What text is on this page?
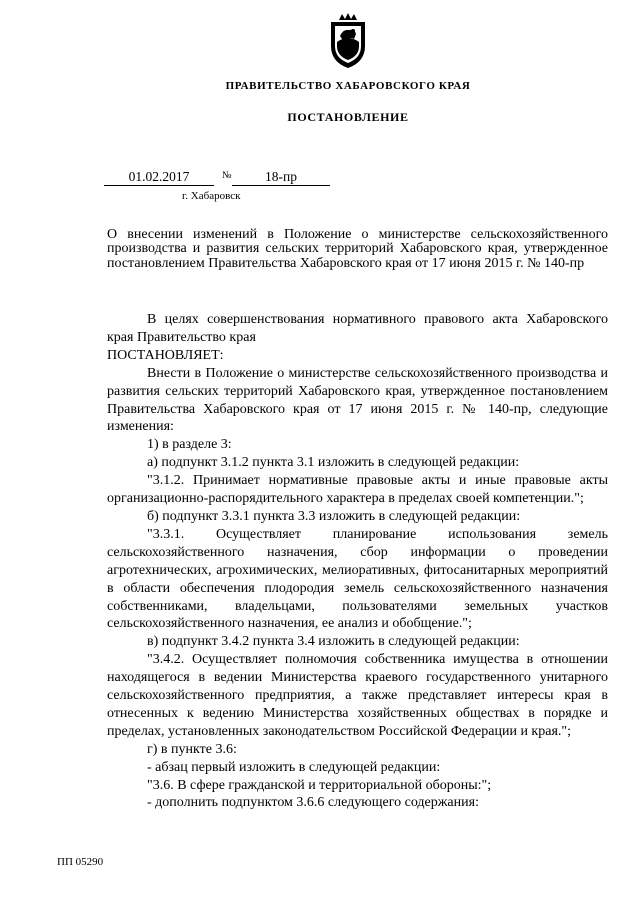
ПРАВИТЕЛЬСТВО ХАБАРОВСКОГО КРАЯ
ПОСТАНОВЛЕНИЕ
01.02.2017	№	18-пр
г. Хабаровск
О внесении изменений в Положение о министерстве сельскохозяйственного производства и развития сельских территорий Хабаровского края, утвержденное постановлением Правительства Хабаровского края от 17 июня 2015 г. № 140-пр

В целях совершенствования нормативного правового акта Хабаровского края Правительство края

ПОСТАНОВЛЯЕТ:

Внести в Положение о министерстве сельскохозяйственного производства и развития сельских территорий Хабаровского края, утвержденное постановлением Правительства Хабаровского края от 17 июня 2015 г. № 140-пр, следующие изменения:

1) в разделе 3:

а) подпункт 3.1.2 пункта 3.1 изложить в следующей редакции:

"3.1.2. Принимает нормативные правовые акты и иные правовые акты организационно-распорядительного характера в пределах своей компетенции.";

б) подпункт 3.3.1 пункта 3.3 изложить в следующей редакции:

"3.3.1. Осуществляет планирование использования земель сельскохозяйственного назначения, сбор информации о проведении агротехнических, агрохимических, мелиоративных, фитосанитарных мероприятий в области обеспечения плодородия земель сельскохозяйственного назначения собственниками, владельцами, пользователями земельных участков сельскохозяйственного назначения, ее анализ и обобщение.";

в) подпункт 3.4.2 пункта 3.4 изложить в следующей редакции:

"3.4.2. Осуществляет полномочия собственника имущества в отношении находящегося в ведении Министерства краевого государственного унитарного сельскохозяйственного предприятия, а также представляет интересы края в отнесенных к ведению Министерства хозяйственных обществах в порядке и пределах, установленных законодательством Российской Федерации и края.";

г) в пункте 3.6:

- абзац первый изложить в следующей редакции:

"3.6. В сфере гражданской и территориальной обороны:";

- дополнить подпунктом 3.6.6 следующего содержания:

ПП 05290
